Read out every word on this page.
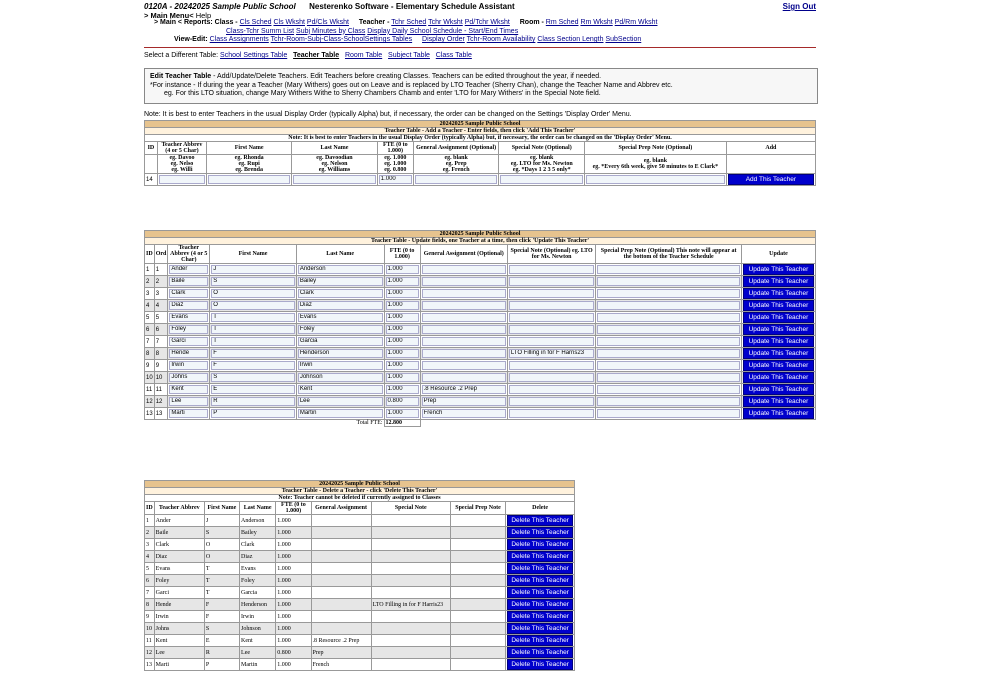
0120A - 20242025 Sample Public School Nesterenko Software - Elementary Schedule Assistant	Sign Out
> Main Menu< Help
> Main < Reports: Class - Cls Sched Cls Wksht Pd/Cls Wksht Teacher - Tchr Sched Tchr Wksht Pd/Tchr Wksht Room - Rm Sched Rm Wksht Pd/Rm Wksht
Class-Tchr Summ List Subj Minutes by Class Display Daily School Schedule - Start/End Times
View-Edit: Class Assignments Tchr-Room-Subj-Class-SchoolSettings Tables Display Order Tchr-Room Availability Class Section Length SubSection
Select a Different Table: School Settings Table Teacher Table Room Table Subject Table Class Table
Edit Teacher Table - Add/Update/Delete Teachers. Edit Teachers before creating Classes. Teachers can be edited throughout the year, if needed.
*For instance - If during the year a Teacher (Mary Withers) goes out on Leave and is replaced by LTO Teacher (Sherry Chan), change the Teacher Name and Abbrev etc.
eg. For this LTO situation, change Mary Withers Withe to Sherry Chambers Chamb and enter 'LTO for Mary Withers' in the Special Note field.
Note: It is best to enter Teachers in the usual Display Order (typically Alpha) but, if necessary, the order can be changed on the Settings 'Display Order' Menu.
20242025 Sample Public School								
Teacher Table - Add a Teacher - Enter fields, then click 'Add This Teacher'								
Note: It is best to enter Teachers in the usual Display Order (typically Alpha) but, if necessary, the order can be changed on the 'Display Order' Menu.								
ID	Teacher Abbrev (4 or 5 Char)	First Name	Last Name	FTE (0 to 1.000)	General Assignment (Optional)	Special Note (Optional)	Special Prep Note (Optional)	Add
	eg. Davoo
eg. Nelso
eg. Willi	eg. Rhonda
eg. Rupi
eg. Brenda	eg. Davoodian
eg. Nelson
eg. Williams	eg. 1.000
eg. 1.000
eg. 0.800	eg. blank
eg. Prep
eg. French	eg. blank
eg. LTO for Ms. Newton
eg. *Days 1 2 3 5 only*	eg. blank
eg. *Every 6th week, give 50 minutes to E Clark*	
14				1.000				Add This Teacher
20242025 Sample Public School									
Teacher Table - Update fields, one Teacher at a time, then click 'Update This Teacher'									
ID	Ord	Teacher Abbrev (4 or 5 Char)	First Name	Last Name	FTE (0 to 1.000)	General Assignment (Optional)	Special Note (Optional) eg. LTO for Ms. Newton	Special Prep Note (Optional) This note will appear at the bottom of the Teacher Schedule	Update
1	1	Ander	J	Anderson	1.000				Update This Teacher

2	2	Baile	S	Bailey	1.000				Update This Teacher

3	3	Clark	O	Clark	1.000				Update This Teacher

4	4	Diaz	O	Diaz	1.000				Update This Teacher

5	5	Evans	T	Evans	1.000				Update This Teacher

6	6	Foley	T	Foley	1.000				Update This Teacher

7	7	Garci	T	Garcia	1.000				Update This Teacher

8	8	Hende	F	Henderson	1.000		LTO Filling in for F Harris23		Update This Teacher

9	9	Irwin	F	Irwin	1.000				Update This Teacher

10	10	Johns	S	Johnson	1.000				Update This Teacher

11	11	Kent	E	Kent	1.000	.8 Resource .2 Prep			Update This Teacher

12	12	Lee	R	Lee	0.800	Prep			Update This Teacher

13	13	Marti	P	Martin	1.000	French			Update This Teacher

Total FTE:					12.800				
20242025 Sample Public School								
Teacher Table - Delete a Teacher - click 'Delete This Teacher'								
Note: Teacher cannot be deleted if currently assigned to Classes								
ID	Teacher Abbrev	First Name	Last Name	FTE (0 to 1.000)	General Assignment	Special Note	Special Prep Note	Delete
1	Ander	J	Anderson	1.000				Delete This Teacher

2	Baile	S	Bailey	1.000				Delete This Teacher

3	Clark	O	Clark	1.000				Delete This Teacher

4	Diaz	O	Diaz	1.000				Delete This Teacher

5	Evans	T	Evans	1.000				Delete This Teacher

6	Foley	T	Foley	1.000				Delete This Teacher

7	Garci	T	Garcia	1.000				Delete This Teacher

8	Hende	F	Henderson	1.000		LTO Filling in for F Harris23		Delete This Teacher

9	Irwin	F	Irwin	1.000				Delete This Teacher

10	Johns	S	Johnson	1.000				Delete This Teacher

11	Kent	E	Kent	1.000	.8 Resource .2 Prep			Delete This Teacher

12	Lee	R	Lee	0.800	Prep			Delete This Teacher

13	Marti	P	Martin	1.000	French			Delete This Teacher
